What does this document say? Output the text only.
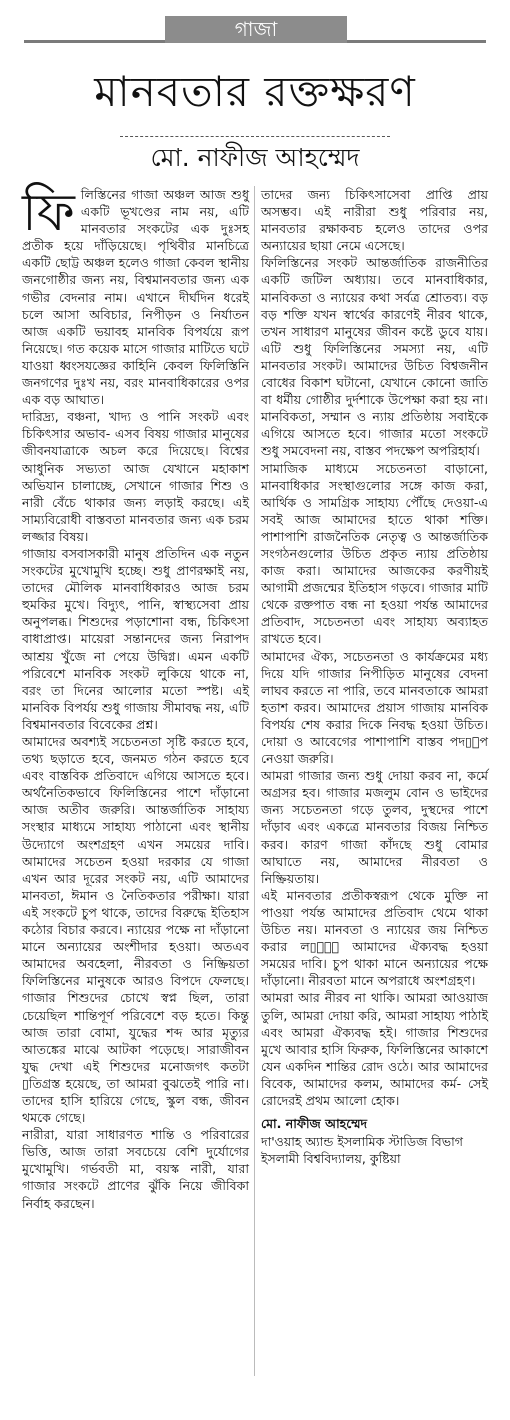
গাজা
মানবতার রক্তক্ষরণ
মো. নাফীজ আহম্মেদ

ফিলিস্তিনের গাজা অঞ্চল আজ শুধু একটি ভূখণ্ডের নাম নয়, এটি মানবতার সংকটের এক দুঃসহ প্রতীক হয়ে দাঁড়িয়েছে। পৃথিবীর মানচিত্রে একটি ছোট্ট অঞ্চল হলেও গাজা কেবল স্থানীয় জনগোষ্ঠীর জন্য নয়, বিশ্বমানবতার জন্য এক গভীর বেদনার নাম। এখানে দীর্ঘদিন ধরেই চলে আসা অবিচার, নিপীড়ন ও নির্যাতন আজ একটি ভয়াবহ মানবিক বিপর্যয়ে রূপ নিয়েছে। গত কয়েক মাসে গাজার মাটিতে ঘটে যাওয়া ধ্বংসযজ্ঞের কাহিনি কেবল ফিলিস্তিনি জনগণের দুঃখ নয়, বরং মানবাধিকারের ওপর এক বড় আঘাত।

দারিদ্র্য, বঞ্চনা, খাদ্য ও পানি সংকট এবং চিকিৎসার অভাব- এসব বিষয় গাজার মানুষের জীবনযাত্রাকে অচল করে দিয়েছে। বিশ্বের আধুনিক সভ্যতা আজ যেখানে মহাকাশ অভিযান চালাচ্ছে, সেখানে গাজার শিশু ও নারী বেঁচে থাকার জন্য লড়াই করছে। এই সাম্যবিরোধী বাস্তবতা মানবতার জন্য এক চরম লজ্জার বিষয়।

গাজায় বসবাসকারী মানুষ প্রতিদিন এক নতুন সংকটের মুখোমুখি হচ্ছে। শুধু প্রাণরক্ষাই নয়, তাদের মৌলিক মানবাধিকারও আজ চরম হুমকির মুখে। বিদ্যুৎ, পানি, স্বাস্থ্যসেবা প্রায় অনুপলব্ধ। শিশুদের পড়াশোনা বন্ধ, চিকিৎসা বাধাপ্রাপ্ত। মায়েরা সন্তানদের জন্য নিরাপদ আশ্রয় খুঁজে না পেয়ে উদ্বিগ্ন। এমন একটি পরিবেশে মানবিক সংকট লুকিয়ে থাকে না, বরং তা দিনের আলোর মতো স্পষ্ট। এই মানবিক বিপর্যয় শুধু গাজায় সীমাবদ্ধ নয়, এটি বিশ্বমানবতার বিবেকের প্রশ্ন।

আমাদের অবশ্যই সচেতনতা সৃষ্টি করতে হবে, তথ্য ছড়াতে হবে, জনমত গঠন করতে হবে এবং বাস্তবিক প্রতিবাদে এগিয়ে আসতে হবে। অর্থনৈতিকভাবে ফিলিস্তিনের পাশে দাঁড়ানো আজ অতীব জরুরি। আন্তর্জাতিক সাহায্য সংস্থার মাধ্যমে সাহায্য পাঠানো এবং স্থানীয় উদ্যোগে অংশগ্রহণ এখন সময়ের দাবি। আমাদের সচেতন হওয়া দরকার যে গাজা এখন আর দূরের সংকট নয়, এটি আমাদের মানবতা, ঈমান ও নৈতিকতার পরীক্ষা। যারা এই সংকটে চুপ থাকে, তাদের বিরুদ্ধে ইতিহাস কঠোর বিচার করবে। ন্যায়ের পক্ষে না দাঁড়ানো মানে অন্যায়ের অংশীদার হওয়া। অতএব আমাদের অবহেলা, নীরবতা ও নিষ্ক্রিয়তা ফিলিস্তিনের মানুষকে আরও বিপদে ফেলছে। গাজার শিশুদের চোখে স্বপ্ন ছিল, তারা চেয়েছিল শান্তিপূর্ণ পরিবেশে বড় হতে। কিন্তু আজ তারা বোমা, যুদ্ধের শব্দ আর মৃত্যুর আতঙ্কের মাঝে আটকা পড়েছে। সারাজীবন যুদ্ধ দেখা এই শিশুদের মনোজগৎ কতটা ▯তিগ্রস্ত হয়েছে, তা আমরা বুঝতেই পারি না। তাদের হাসি হারিয়ে গেছে, স্কুল বন্ধ, জীবন থমকে গেছে।

নারীরা, যারা সাধারণত শান্তি ও পরিবারের ভিত্তি, আজ তারা সবচেয়ে বেশি দুর্যোগের মুখোমুখি। গর্ভবতী মা, বয়স্ক নারী, যারা গাজার সংকটে প্রাণের ঝুঁকি নিয়ে জীবিকা নির্বাহ করছেন।

তাদের জন্য চিকিৎসাসেবা প্রাপ্তি প্রায় অসম্ভব। এই নারীরা শুধু পরিবার নয়, মানবতার রক্ষাকবচ হলেও তাদের ওপর অন্যায়ের ছায়া নেমে এসেছে।

ফিলিস্তিনের সংকট আন্তর্জাতিক রাজনীতির একটি জটিল অধ্যায়। তবে মানবাধিকার, মানবিকতা ও ন্যায়ের কথা সর্বত্র শ্রোতব্য। বড় বড় শক্তি যখন স্বার্থের কারণেই নীরব থাকে, তখন সাধারণ মানুষের জীবন কষ্টে ডুবে যায়। এটি শুধু ফিলিস্তিনের সমস্যা নয়, এটি মানবতার সংকট। আমাদের উচিত বিশ্বজনীন বোধের বিকাশ ঘটানো, যেখানে কোনো জাতি বা ধর্মীয় গোষ্ঠীর দুর্দশাকে উপেক্ষা করা হয় না। মানবিকতা, সম্মান ও ন্যায় প্রতিষ্ঠায় সবাইকে এগিয়ে আসতে হবে। গাজার মতো সংকটে শুধু সমবেদনা নয়, বাস্তব পদক্ষেপ অপরিহার্য।

সামাজিক মাধ্যমে সচেতনতা বাড়ানো, মানবাধিকার সংস্থাগুলোর সঙ্গে কাজ করা, আর্থিক ও সামগ্রিক সাহায্য পৌঁছে দেওয়া-এ সবই আজ আমাদের হাতে থাকা শক্তি। পাশাপাশি রাজনৈতিক নেতৃত্ব ও আন্তর্জাতিক সংগঠনগুলোর উচিত প্রকৃত ন্যায় প্রতিষ্ঠায় কাজ করা। আমাদের আজকের করণীয়ই আগামী প্রজন্মের ইতিহাস গড়বে। গাজার মাটি থেকে রক্তপাত বন্ধ না হওয়া পর্যন্ত আমাদের প্রতিবাদ, সচেতনতা এবং সাহায্য অব্যাহত রাখতে হবে।

আমাদের ঐক্য, সচেতনতা ও কার্যক্রমের মধ্য দিয়ে যদি গাজার নিপীড়িত মানুষের বেদনা লাঘব করতে না পারি, তবে মানবতাকে আমরা হতাশ করব। আমাদের প্রয়াস গাজায় মানবিক বিপর্যয় শেষ করার দিকে নিবদ্ধ হওয়া উচিত। দোয়া ও আবেগের পাশাপাশি বাস্তব পদ▯েপ নেওয়া জরুরি।

আমরা গাজার জন্য শুধু দোয়া করব না, কর্মে অগ্রসর হব। গাজার মজলুম বোন ও ভাইদের জন্য সচেতনতা গড়ে তুলব, দুস্থদের পাশে দাঁড়াব এবং একত্রে মানবতার বিজয় নিশ্চিত করব। কারণ গাজা কাঁদছে শুধু বোমার আঘাতে নয়, আমাদের নীরবতা ও নিষ্ক্রিয়তায়।

এই মানবতার প্রতীকস্বরূপ থেকে মুক্তি না পাওয়া পর্যন্ত আমাদের প্রতিবাদ থেমে থাকা উচিত নয়। মানবতা ও ন্যায়ের জয় নিশ্চিত করার ল▯্যে আমাদের ঐক্যবদ্ধ হওয়া সময়ের দাবি। চুপ থাকা মানে অন্যায়ের পক্ষে দাঁড়ানো। নীরবতা মানে অপরাধে অংশগ্রহণ।

আমরা আর নীরব না থাকি। আমরা আওয়াজ তুলি, আমরা দোয়া করি, আমরা সাহায্য পাঠাই এবং আমরা ঐক্যবদ্ধ হই। গাজার শিশুদের মুখে আবার হাসি ফিরুক, ফিলিস্তিনের আকাশে যেন একদিন শান্তির রোদ ওঠে। আর আমাদের বিবেক, আমাদের কলম, আমাদের কর্ম- সেই রোদেরই প্রথম আলো হোক।

মো. নাফীজ আহম্মেদ
দা'ওয়াহ অ্যান্ড ইসলামিক স্টাডিজ বিভাগ
ইসলামী বিশ্ববিদ্যালয়, কুষ্টিয়া
